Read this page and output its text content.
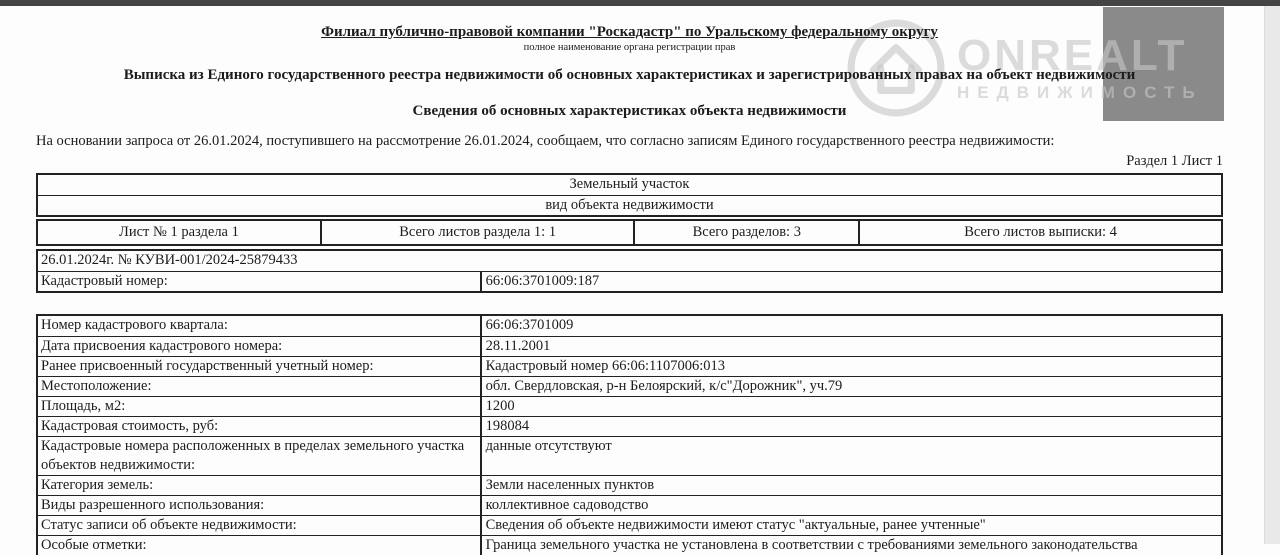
ONREALT
НЕДВИЖИМОСТЬ
Филиал публично-правовой компании "Роскадастр" по Уральскому федеральному округу
полное наименование органа регистрации прав
Выписка из Единого государственного реестра недвижимости об основных характеристиках и зарегистрированных правах на объект недвижимости
Сведения об основных характеристиках объекта недвижимости
На основании запроса от 26.01.2024, поступившего на рассмотрение 26.01.2024, сообщаем, что согласно записям Единого государственного реестра недвижимости:
Раздел 1 Лист 1
Земельный участок
вид объекта недвижимости
Лист № 1 раздела 1	Всего листов раздела 1: 1	Всего разделов: 3	Всего листов выписки: 4
26.01.2024г. № КУВИ-001/2024-25879433
Кадастровый номер:	66:06:3701009:187
Номер кадастрового квартала:	66:06:3701009
Дата присвоения кадастрового номера:	28.11.2001
Ранее присвоенный государственный учетный номер:	Кадастровый номер 66:06:1107006:013
Местоположение:	обл. Свердловская, р-н Белоярский, к/с"Дорожник", уч.79
Площадь, м2:	1200
Кадастровая стоимость, руб:	198084
Кадастровые номера расположенных в пределах земельного участка объектов недвижимости:
данные отсутствуют
Категория земель:	Земли населенных пунктов
Виды разрешенного использования:	коллективное садоводство
Статус записи об объекте недвижимости:	Сведения об объекте недвижимости имеют статус "актуальные, ранее учтенные"
Особые отметки:	Граница земельного участка не установлена в соответствии с требованиями земельного законодательства
